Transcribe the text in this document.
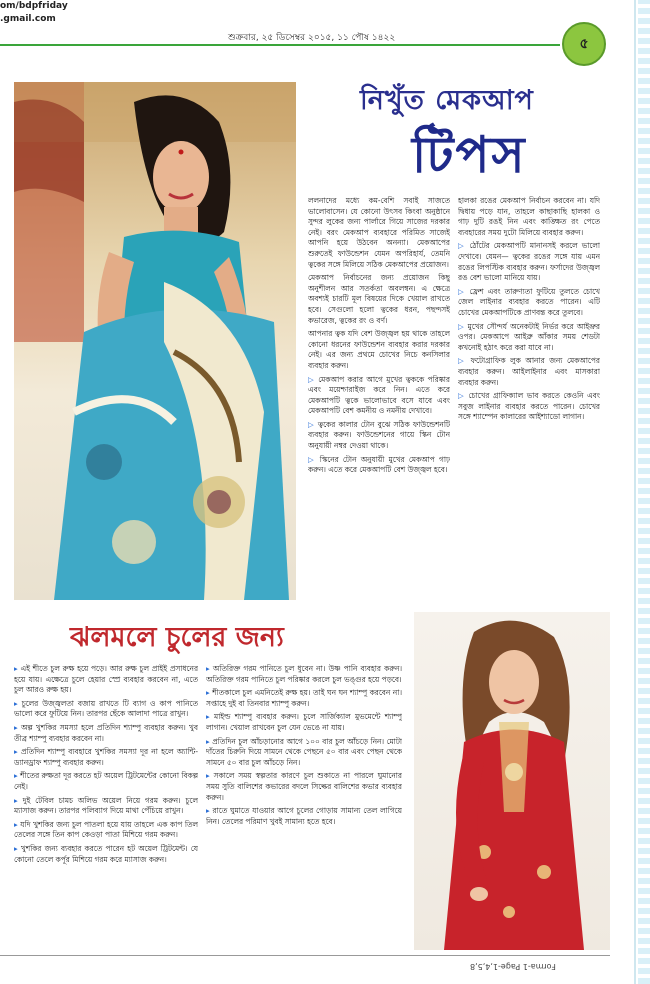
om/bdpfriday
.gmail.com
শুক্রবার, ২৫ ডিসেম্বর ২০১৫, ১১ পৌষ ১৪২২	৫
নিখুঁত মেকআপ
টিপস

ললনাদের মধ্যে কম-বেশি সবাই সাজতে ভালোবাসেন। যে কোনো উৎসব কিংবা অনুষ্ঠানে সুন্দর লুকের জন্য পার্লারে গিয়ে সাজের দরকার নেই। বরং মেকআপ ব্যবহারে পরিমিত সাজেই আপনি হয়ে উঠবেন অনন্যা। মেকআপের শুরুতেই ফাউন্ডেশন যেমন অপরিহার্য, তেমনি ত্বকের সঙ্গে মিলিয়ে সঠিক মেকআপের প্রয়োজন।

মেকআপ নির্বাচনের জন্য প্রয়োজন কিছু অনুশীলন আর সতর্কতা অবলম্বন। এ ক্ষেত্রে অবশ্যই চারটি মূল বিষয়ের দিকে খেয়াল রাখতে হবে। সেগুলো হলো ত্বকের ধরন, পছন্দসই কভারেজ, ত্বকের রং ও বর্ণ।

আপনার ত্বক যদি বেশ উজ্জ্বল হয় থাকে তাহলে কোনো ধরনের ফাউন্ডেশন ব্যবহার করার দরকার নেই। এর জন্য প্রথমে চোখের নিচে কনসিলার ব্যবহার করুন।

▷ মেকআপ করার আগে মুখের ত্বককে পরিষ্কার এবং ময়েশ্চারাইজ করে নিন। এতে করে মেকআপটি ত্বকে ভালোভাবে বসে যাবে এবং মেকআপটি বেশ কমনীয় ও নমনীয় দেখাবে।

▷ ত্বকের কালার টোন বুঝে সঠিক ফাউন্ডেশনটি ব্যবহার করুন। ফাউন্ডেশনের গায়ে স্কিন টোন অনুযায়ী নম্বর দেওয়া থাকে।

▷ স্কিনের টোন অনুযায়ী মুখের মেকআপ গাঢ় করুন। এতে করে মেকআপটি বেশ উজ্জ্বল হবে।

হালকা রঙের মেকআপ নির্বাচন করবেন না। যদি দ্বিধায় পড়ে যান, তাহলে কাছাকাছি হালকা ও গাঢ় দুটি রঙই নিন এবং কাঙ্ক্ষিত রং পেতে ব্যবহারের সময় দুটো মিলিয়ে ব্যবহার করুন।

▷ ঠোঁটের মেকআপটি মানানসই করলে ভালো দেখাবে। যেমন— ত্বকের রঙের সঙ্গে যায় এমন রঙের লিপস্টিক ব্যবহার করুন। ফর্সাদের উজ্জ্বল রঙ বেশ ভালো মানিয়ে যায়।

▷ ফ্রেশ এবং তারুণ্যতা ফুটিয়ে তুলতে চোখে জেল লাইনার ব্যবহার করতে পারেন। এটি চোখের মেকআপটিকে প্রাণবন্ত করে তুলবে।

▷ মুখের সৌন্দর্য অনেকটাই নির্ভর করে আইভ্রুর ওপর। মেকআপে আইব্রু আঁকার সময় শেডটা কখনোই হঠাৎ করে করা যাবে না।

▷ ফটোগ্রাফিক লুক আনার জন্য মেকআপের ব্যবহার করুন। আইলাইনার এবং মাসকারা ব্যবহার করুন।

▷ চোখের গ্রাফিক্যাল ভাব করতে কেওনি এবং সবুজ লাইনার ব্যবহার করতে পারেন। চোখের সঙ্গে শ্যাম্পেন কালারের আইশ্যাডো লাগান।

ঝলমলে চুলের জন্য

▸ এই শীতে চুল রুক্ষ হয়ে পড়ে। আর রুক্ষ চুল প্রাইই প্রসাধনের হয়ে যায়। এক্ষেত্রে চুলে হেয়ার স্প্রে ব্যবহার করবেন না, এতে চুল আরও রুক্ষ হয়।

▸ চুলের উজ্জ্বলতা বজায় রাখতে টি ব্যাগ ও কাপ পানিতে ভালো করে ফুটিয়ে নিন। তারপর ছেঁকে আলাদা পাত্রে রাখুন।

▸ অল্প খুশকির সমস্যা হলে প্রতিদিন শ্যাম্পু ব্যবহার করুন। খুব তীব্র শ্যাম্পু ব্যবহার করবেন না।

▸ প্রতিদিন শ্যাম্পু ব্যবহারে খুশকির সমস্যা দূর না হলে অ্যান্টি-ড্যানড্রাফ শ্যাম্পু ব্যবহার করুন।

▸ শীতের রুক্ষতা দূর করতে হট অয়েল ট্রিটমেন্টের কোনো বিকল্প নেই।

▸ দুই টেবিল চামচ অলিভ অয়েল নিয়ে গরম করুন। চুলে ম্যাসাজ করুন। তারপর পলিব্যাগ দিয়ে মাথা পেঁচিয়ে রাখুন।

▸ যদি খুশকির জন্য চুল পাতলা হয়ে যায় তাহলে এক কাপ তিল তেলের সঙ্গে তিন কাপ কেওড়া পাতা মিশিয়ে গরম করুন।

▸ খুশকির জন্য ব্যবহার করতে পারেন হট অয়েল ট্রিটমেন্ট। যে কোনো তেলে কর্পূর মিশিয়ে গরম করে ম্যাসাজ করুন।

▸ অতিরিক্ত গরম পানিতে চুল ধুবেন না। উষ্ণ পানি ব্যবহার করুন। অতিরিক্ত গরম পানিতে চুল পরিষ্কার করলে চুল ভঙ্গুর হয়ে পড়বে।

▸ শীতকালে চুল এমনিতেই রুক্ষ হয়। তাই ঘন ঘন শ্যাম্পু করবেন না। সপ্তাহে দুই বা তিনবার শ্যাম্পু করুন।

▸ মাইল্ড শ্যাম্পু ব্যবহার করুন। চুলে সার্জিক্যাল মুভমেন্টে শ্যাম্পু লাগান। খেয়াল রাখবেন চুল যেন ভেঙে না যায়।

▸ প্রতিদিন চুল আঁচড়ানোর আগে ১০০ বার চুল আঁচড়ে নিন। মোটা দাঁতের চিরুনি দিয়ে সামনে থেকে পেছনে ৫০ বার এবং পেছন থেকে সামনে ৫০ বার চুল আঁচড়ে নিন।

▸ সকালে সময় স্বল্পতার কারণে চুল শুকাতে না পারলে ঘুমানোর সময় সুতি বালিশের কভারের বদলে সিল্কের বালিশের কভার ব্যবহার করুন।

▸ রাতে ঘুমাতে যাওয়ার আগে চুলের গোড়ায় সামান্য তেল লাগিয়ে নিন। তেলের পরিমাণ খুবই সামান্য হতে হবে।

Forma-1 Page-1,4,5,8
